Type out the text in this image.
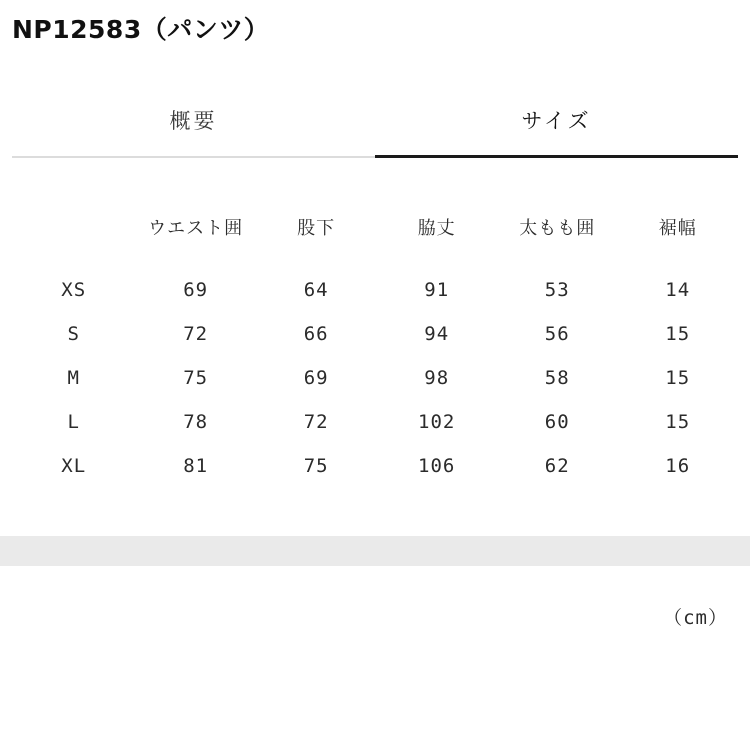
NP12583（パンツ）
概要	サイズ
	ウエスト囲	股下	脇丈	太もも囲	裾幅
XS	69	64	91	53	14
S	72	66	94	56	15
M	75	69	98	58	15
L	78	72	102	60	15
XL	81	75	106	62	16
（cm）
